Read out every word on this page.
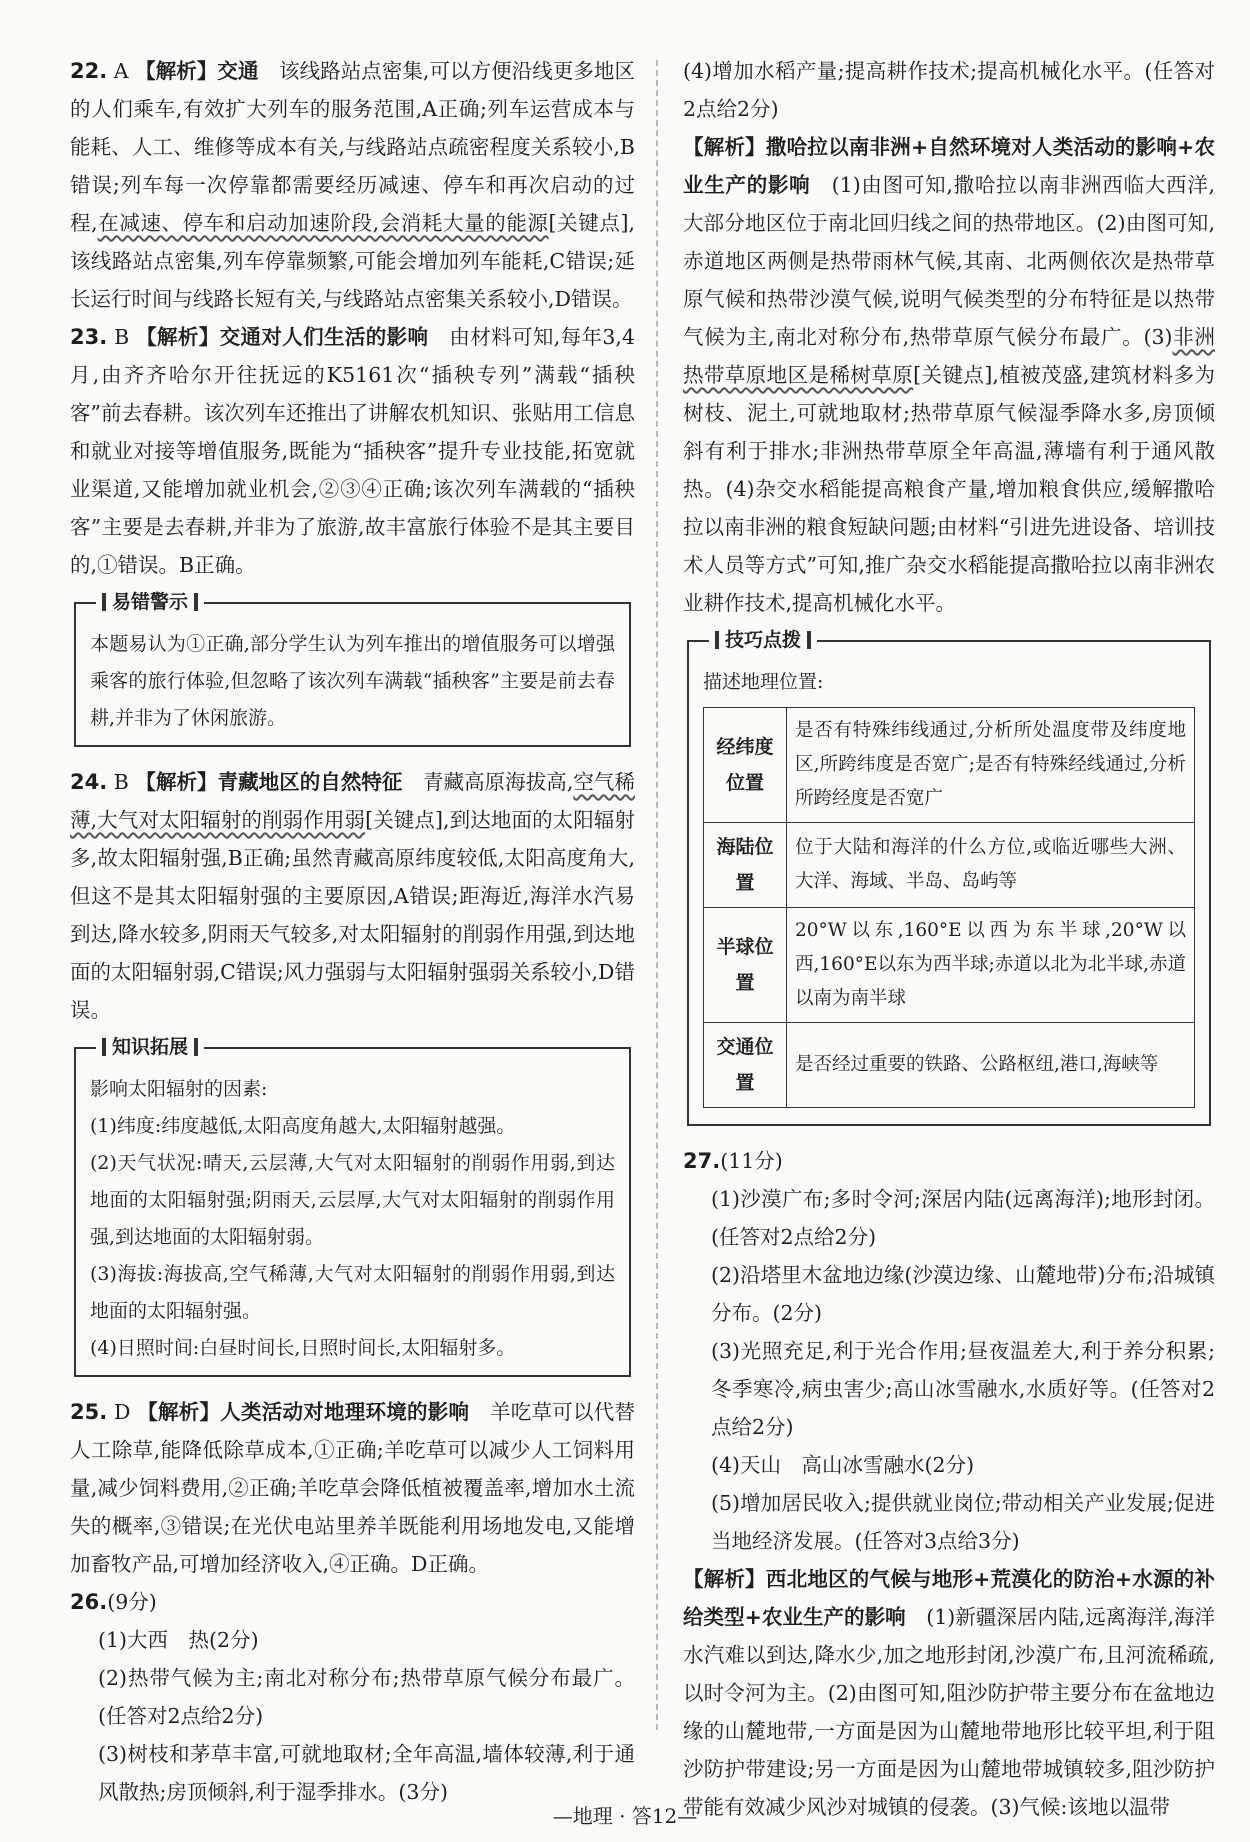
22. A 【解析】交通　该线路站点密集,可以方便沿线更多地区的人们乘车,有效扩大列车的服务范围,A正确;列车运营成本与能耗、人工、维修等成本有关,与线路站点疏密程度关系较小,B错误;列车每一次停靠都需要经历减速、停车和再次启动的过程,在减速、停车和启动加速阶段,会消耗大量的能源[关键点],该线路站点密集,列车停靠频繁,可能会增加列车能耗,C错误;延长运行时间与线路长短有关,与线路站点密集关系较小,D错误。

23. B 【解析】交通对人们生活的影响　由材料可知,每年3,4月,由齐齐哈尔开往抚远的K5161次“插秧专列”满载“插秧客”前去春耕。该次列车还推出了讲解农机知识、张贴用工信息和就业对接等增值服务,既能为“插秧客”提升专业技能,拓宽就业渠道,又能增加就业机会,②③④正确;该次列车满载的“插秧客”主要是去春耕,并非为了旅游,故丰富旅行体验不是其主要目的,①错误。B正确。

易错警示

本题易认为①正确,部分学生认为列车推出的增值服务可以增强乘客的旅行体验,但忽略了该次列车满载“插秧客”主要是前去春耕,并非为了休闲旅游。

24. B 【解析】青藏地区的自然特征　青藏高原海拔高,空气稀薄,大气对太阳辐射的削弱作用弱[关键点],到达地面的太阳辐射多,故太阳辐射强,B正确;虽然青藏高原纬度较低,太阳高度角大,但这不是其太阳辐射强的主要原因,A错误;距海近,海洋水汽易到达,降水较多,阴雨天气较多,对太阳辐射的削弱作用强,到达地面的太阳辐射弱,C错误;风力强弱与太阳辐射强弱关系较小,D错误。

知识拓展

影响太阳辐射的因素:

(1)纬度:纬度越低,太阳高度角越大,太阳辐射越强。

(2)天气状况:晴天,云层薄,大气对太阳辐射的削弱作用弱,到达地面的太阳辐射强;阴雨天,云层厚,大气对太阳辐射的削弱作用强,到达地面的太阳辐射弱。

(3)海拔:海拔高,空气稀薄,大气对太阳辐射的削弱作用弱,到达地面的太阳辐射强。

(4)日照时间:白昼时间长,日照时间长,太阳辐射多。

25. D 【解析】人类活动对地理环境的影响　羊吃草可以代替人工除草,能降低除草成本,①正确;羊吃草可以减少人工饲料用量,减少饲料费用,②正确;羊吃草会降低植被覆盖率,增加水土流失的概率,③错误;在光伏电站里养羊既能利用场地发电,又能增加畜牧产品,可增加经济收入,④正确。D正确。

26.(9分)

(1)大西　热(2分)

(2)热带气候为主;南北对称分布;热带草原气候分布最广。(任答对2点给2分)

(3)树枝和茅草丰富,可就地取材;全年高温,墙体较薄,利于通风散热;房顶倾斜,利于湿季排水。(3分)

(4)增加水稻产量;提高耕作技术;提高机械化水平。(任答对2点给2分)

【解析】撒哈拉以南非洲+自然环境对人类活动的影响+农业生产的影响　(1)由图可知,撒哈拉以南非洲西临大西洋,大部分地区位于南北回归线之间的热带地区。(2)由图可知,赤道地区两侧是热带雨林气候,其南、北两侧依次是热带草原气候和热带沙漠气候,说明气候类型的分布特征是以热带气候为主,南北对称分布,热带草原气候分布最广。(3)非洲热带草原地区是稀树草原[关键点],植被茂盛,建筑材料多为树枝、泥土,可就地取材;热带草原气候湿季降水多,房顶倾斜有利于排水;非洲热带草原全年高温,薄墙有利于通风散热。(4)杂交水稻能提高粮食产量,增加粮食供应,缓解撒哈拉以南非洲的粮食短缺问题;由材料“引进先进设备、培训技术人员等方式”可知,推广杂交水稻能提高撒哈拉以南非洲农业耕作技术,提高机械化水平。

技巧点拨

描述地理位置:

经纬度位置	是否有特殊纬线通过,分析所处温度带及纬度地区,所跨纬度是否宽广;是否有特殊经线通过,分析所跨经度是否宽广
海陆位置	位于大陆和海洋的什么方位,或临近哪些大洲、大洋、海域、半岛、岛屿等
半球位置	20°W以东,160°E以西为东半球,20°W以西,160°E以东为西半球;赤道以北为北半球,赤道以南为南半球
交通位置	是否经过重要的铁路、公路枢纽,港口,海峡等

27.(11分)

(1)沙漠广布;多时令河;深居内陆(远离海洋);地形封闭。(任答对2点给2分)

(2)沿塔里木盆地边缘(沙漠边缘、山麓地带)分布;沿城镇分布。(2分)

(3)光照充足,利于光合作用;昼夜温差大,利于养分积累;冬季寒冷,病虫害少;高山冰雪融水,水质好等。(任答对2点给2分)

(4)天山　高山冰雪融水(2分)

(5)增加居民收入;提供就业岗位;带动相关产业发展;促进当地经济发展。(任答对3点给3分)

【解析】西北地区的气候与地形+荒漠化的防治+水源的补给类型+农业生产的影响　(1)新疆深居内陆,远离海洋,海洋水汽难以到达,降水少,加之地形封闭,沙漠广布,且河流稀疏,以时令河为主。(2)由图可知,阻沙防护带主要分布在盆地边缘的山麓地带,一方面是因为山麓地带地形比较平坦,利于阻沙防护带建设;另一方面是因为山麓地带城镇较多,阻沙防护带能有效减少风沙对城镇的侵袭。(3)气候:该地以温带

—地理 · 答12—
